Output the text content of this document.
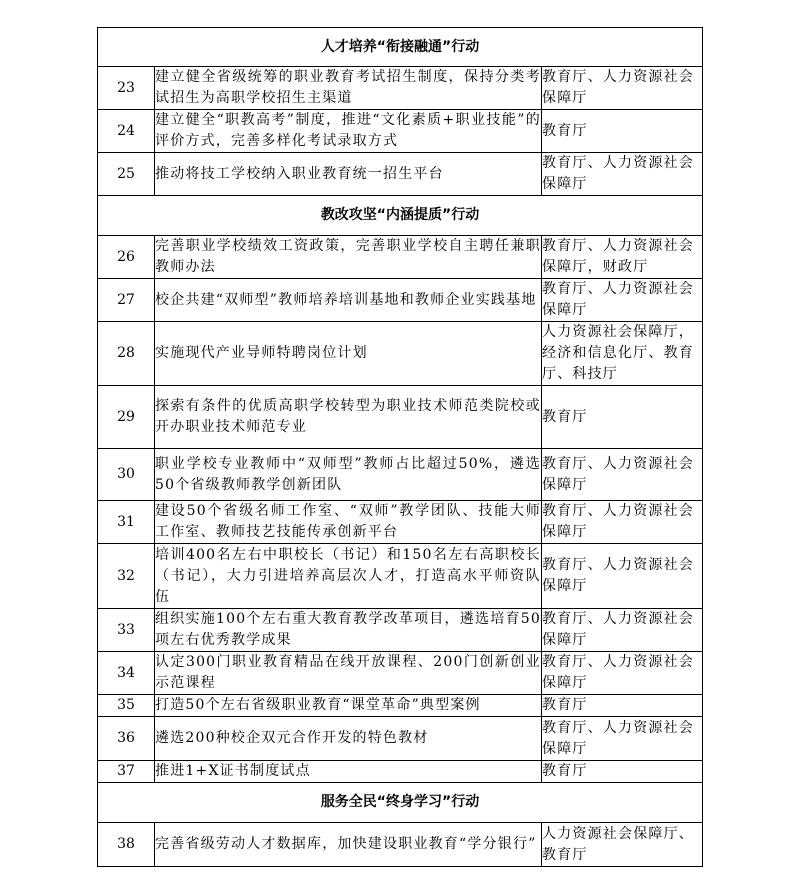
人才培养“衔接融通”行动		
23	建立健全省级统筹的职业教育考试招生制度，保持分类考试招生为高职学校招生主渠道	教育厅、人力资源社会保障厅
24	建立健全“职教高考”制度，推进“文化素质+职业技能”的评价方式，完善多样化考试录取方式	教育厅
25	推动将技工学校纳入职业教育统一招生平台	教育厅、人力资源社会保障厅
教改攻坚“内涵提质”行动		
26	完善职业学校绩效工资政策，完善职业学校自主聘任兼职教师办法	教育厅、人力资源社会保障厅，财政厅
27	校企共建“双师型”教师培养培训基地和教师企业实践基地	教育厅、人力资源社会保障厅
28	实施现代产业导师特聘岗位计划	人力资源社会保障厅，经济和信息化厅、教育厅、科技厅
29	探索有条件的优质高职学校转型为职业技术师范类院校或开办职业技术师范专业	教育厅
30	职业学校专业教师中“双师型”教师占比超过50%，遴选50个省级教师教学创新团队	教育厅、人力资源社会保障厅
31	建设50个省级名师工作室、“双师”教学团队、技能大师工作室、教师技艺技能传承创新平台	教育厅、人力资源社会保障厅
32	培训400名左右中职校长（书记）和150名左右高职校长（书记），大力引进培养高层次人才，打造高水平师资队伍	教育厅、人力资源社会保障厅
33	组织实施100个左右重大教育教学改革项目，遴选培育50项左右优秀教学成果	教育厅、人力资源社会保障厅
34	认定300门职业教育精品在线开放课程、200门创新创业示范课程	教育厅、人力资源社会保障厅
35	打造50个左右省级职业教育“课堂革命”典型案例	教育厅
36	遴选200种校企双元合作开发的特色教材	教育厅、人力资源社会保障厅
37	推进1+X证书制度试点	教育厅
服务全民“终身学习”行动		
38	完善省级劳动人才数据库，加快建设职业教育“学分银行”	人力资源社会保障厅、教育厅
